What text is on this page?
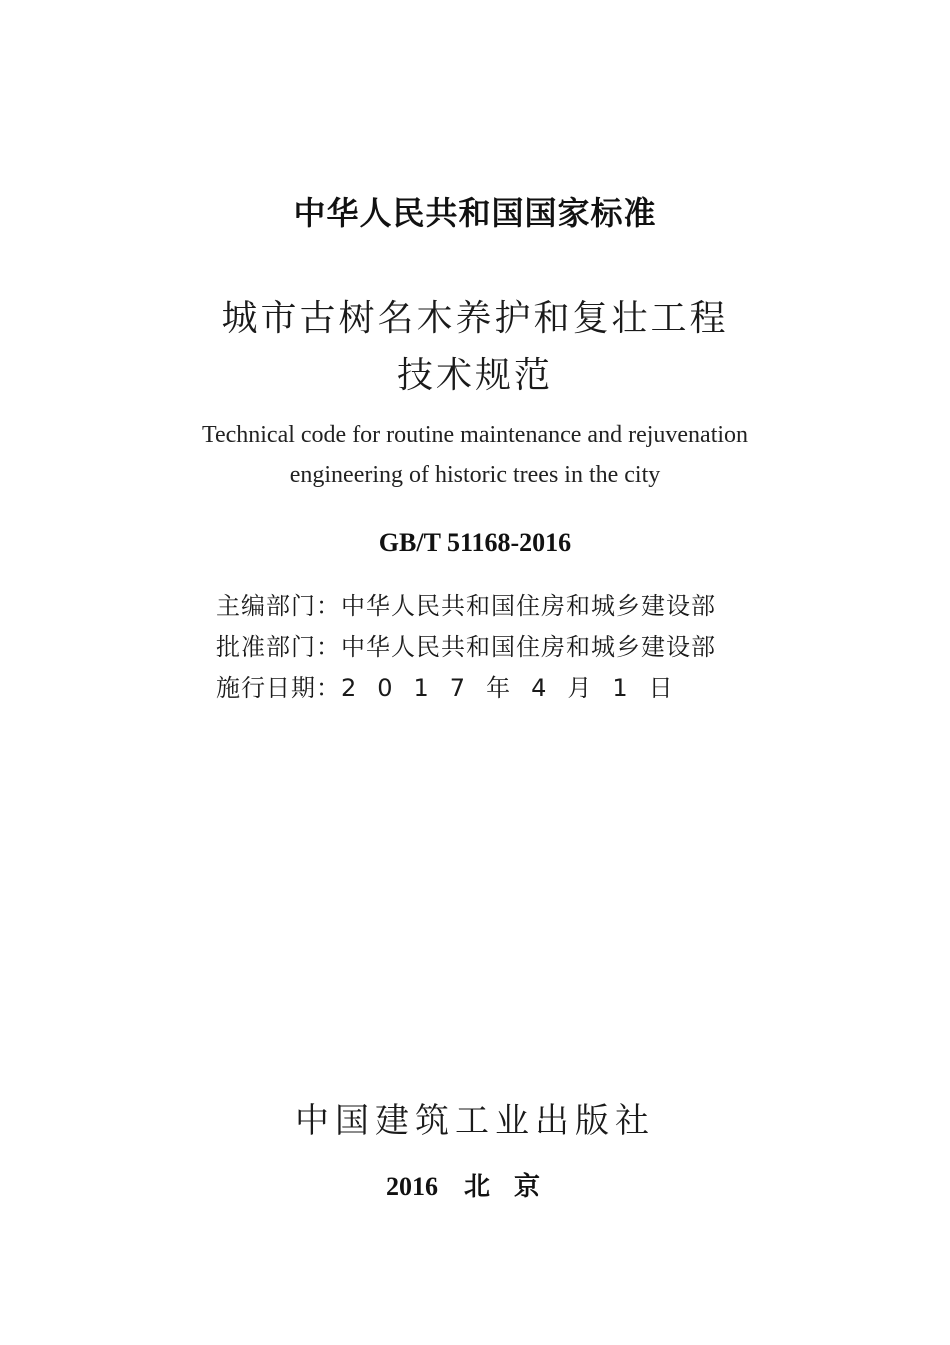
中华人民共和国国家标准
城市古树名木养护和复壮工程
技术规范
Technical code for routine maintenance and rejuvenation
engineering of historic trees in the city
GB/T 51168-2016
主编部门：中华人民共和国住房和城乡建设部
批准部门：中华人民共和国住房和城乡建设部
施行日期：2017年4月1日
中国建筑工业出版社
2016 北京
